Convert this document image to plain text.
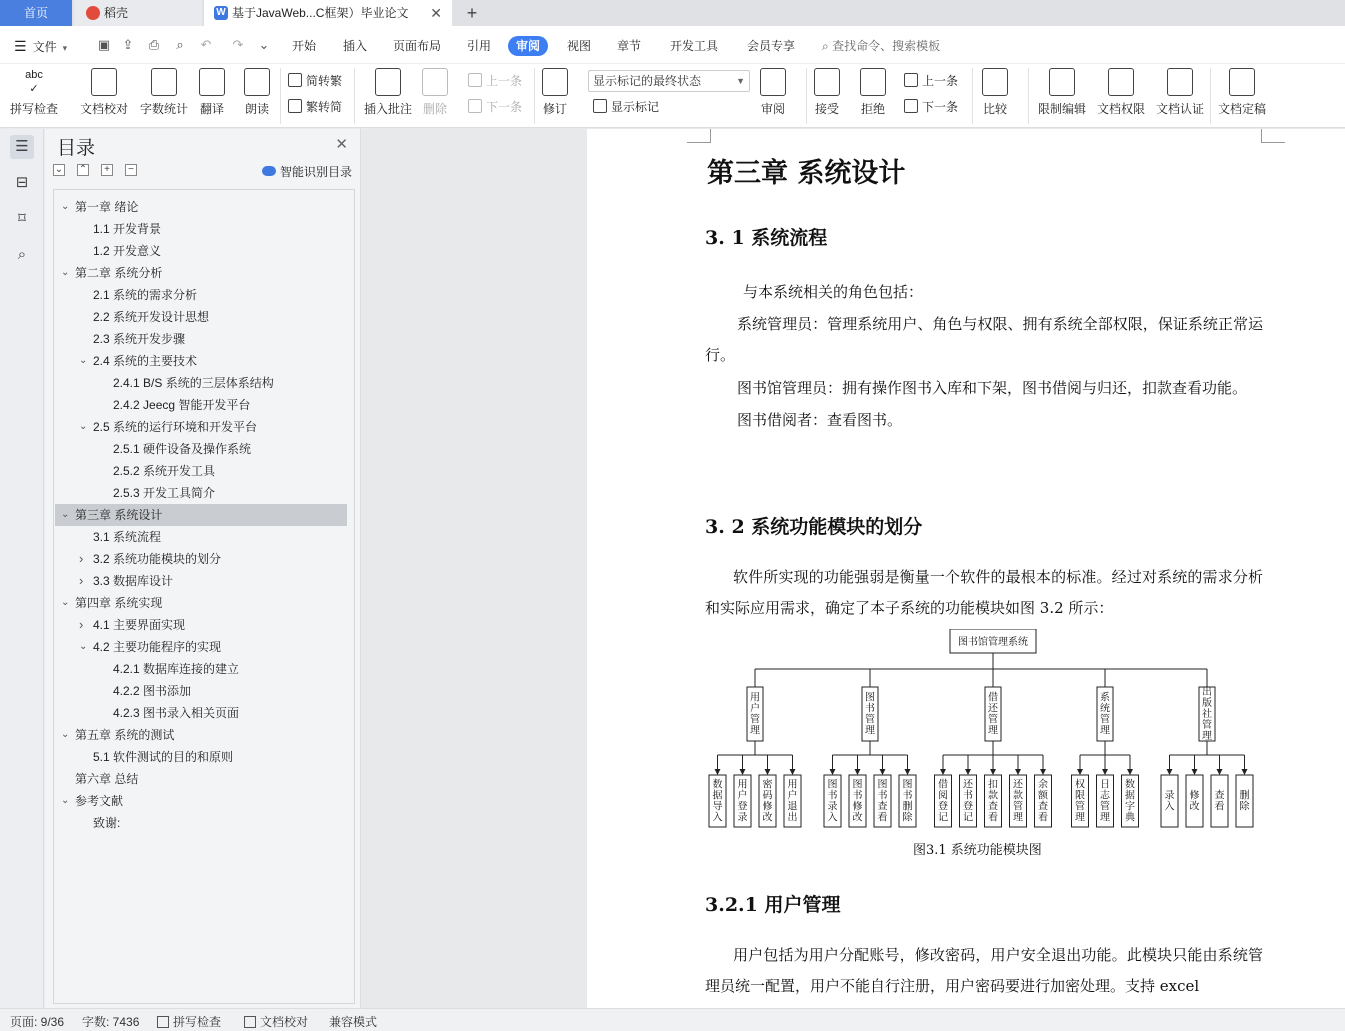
首页	稻壳	W 基于JavaWeb...C框架）毕业论文 ✕	+
☰ 文件 ▾ ▣ ⇪ ⎙	⌕	↶ ↷ ⌄	开始	插入	页面布局	引用	审阅	视图	章节	开发工具	会员专享	⌕ 查找命令、搜索模板
abc
✓
拼写检查 文档校对 字数统计 翻译 朗读
简转繁
繁转简 插入批注 删除
上一条
下一条 修订
显示标记的最终状态	▼
显示标记	审阅 接受 拒绝
上一条
下一条 比较	限制编辑 文档权限 文档认证 文档定稿
☰
⊟
⌑
⌕
目录	✕
⌄ ⌃	+	−	智能识别目录
⌄ 第一章 绪论
1.1 开发背景
1.2 开发意义
⌄ 第二章 系统分析
2.1 系统的需求分析
2.2 系统开发设计思想
2.3 系统开发步骤
⌄ 2.4 系统的主要技术
2.4.1 B/S 系统的三层体系结构
2.4.2 Jeecg 智能开发平台
⌄ 2.5 系统的运行环境和开发平台
2.5.1 硬件设备及操作系统
2.5.2 系统开发工具
2.5.3 开发工具简介
⌄ 第三章 系统设计
3.1 系统流程
› 3.2 系统功能模块的划分
› 3.3 数据库设计
⌄ 第四章 系统实现
› 4.1 主要界面实现
⌄ 4.2 主要功能程序的实现
4.2.1 数据库连接的建立
4.2.2 图书添加
4.2.3 图书录入相关页面
⌄ 第五章 系统的测试
5.1 软件测试的目的和原则
第六章 总结
⌄ 参考文献
致谢:
第三章 系统设计
3. 1 系统流程
与本系统相关的角色包括：
系统管理员：管理系统用户、角色与权限、拥有系统全部权限，保证系统正常运行。
图书馆管理员：拥有操作图书入库和下架，图书借阅与归还，扣款查看功能。
图书借阅者：查看图书。
3. 2 系统功能模块的划分
软件所实现的功能强弱是衡量一个软件的最根本的标准。经过对系统的需求分析和实际应用需求，确定了本子系统的功能模块如图 3.2 所示：
图书馆管理系统
用户管理
数据导入
用户登录
密码修改
用户退出
图书管理
图书录入
图书修改
图书查看
图书删除
借还管理
借阅登记
还书登记
扣款查看
还款管理
余额查看
系统管理
权限管理
日志管理
数据字典
出版社管理
录入
修改
查看
删除
图3.1 系统功能模块图
3.2.1 用户管理
用户包括为用户分配账号，修改密码，用户安全退出功能。此模块只能由系统管理员统一配置，用户不能自行注册，用户密码要进行加密处理。支持 excel
页面: 9/36 字数: 7436	拼写检查	文档校对 兼容模式
